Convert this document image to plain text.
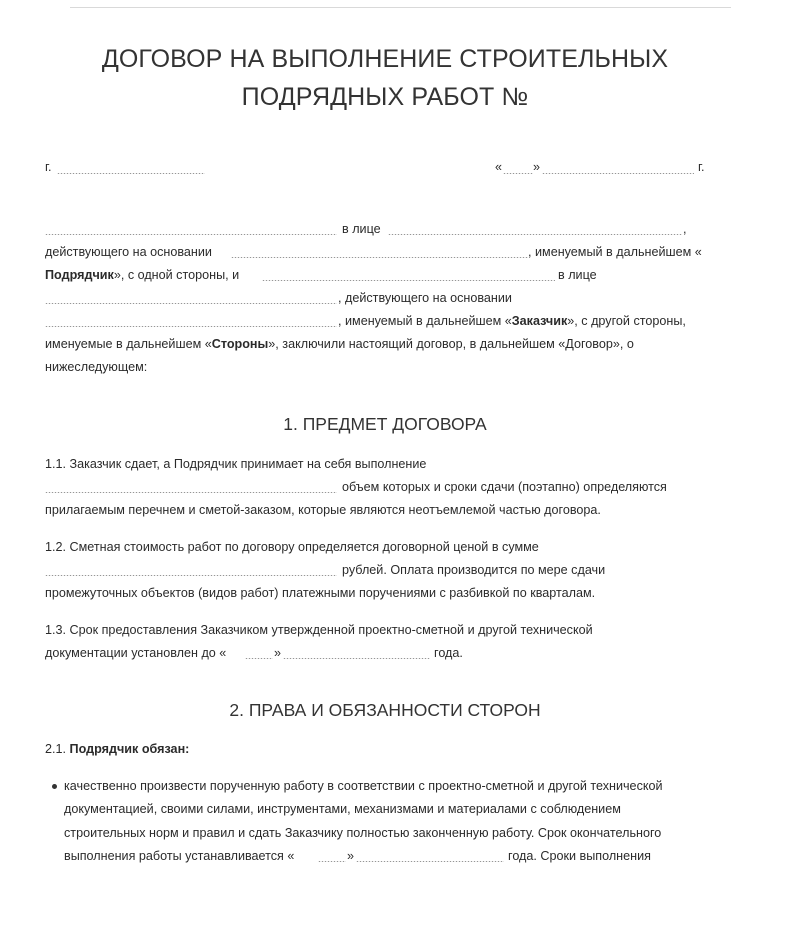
ДОГОВОР НА ВЫПОЛНЕНИЕ СТРОИТЕЛЬНЫХ
ПОДРЯДНЫХ РАБОТ №
г.	« »	г.
в лице	,
действующего на основании	, именуемый в дальнейшем «
Подрядчик», с одной стороны, и	в лице
, действующего на основании
, именуемый в дальнейшем «Заказчик», с другой стороны,
именуемые в дальнейшем «Стороны», заключили настоящий договор, в дальнейшем «Договор», о
нижеследующем:
1. ПРЕДМЕТ ДОГОВОРА
1.1. Заказчик сдает, а Подрядчик принимает на себя выполнение
объем которых и сроки сдачи (поэтапно) определяются
прилагаемым перечнем и сметой-заказом, которые являются неотъемлемой частью договора.
1.2. Сметная стоимость работ по договору определяется договорной ценой в сумме
рублей. Оплата производится по мере сдачи
промежуточных объектов (видов работ) платежными поручениями с разбивкой по кварталам.
1.3. Срок предоставления Заказчиком утвержденной проектно-сметной и другой технической
документации установлен до «	»	года.
2. ПРАВА И ОБЯЗАННОСТИ СТОРОН
2.1. Подрядчик обязан:
качественно произвести порученную работу в соответствии с проектно-сметной и другой технической
документацией, своими силами, инструментами, механизмами и материалами с соблюдением
строительных норм и правил и сдать Заказчику полностью законченную работу. Срок окончательного
выполнения работы устанавливается «	»	года. Сроки выполнения
